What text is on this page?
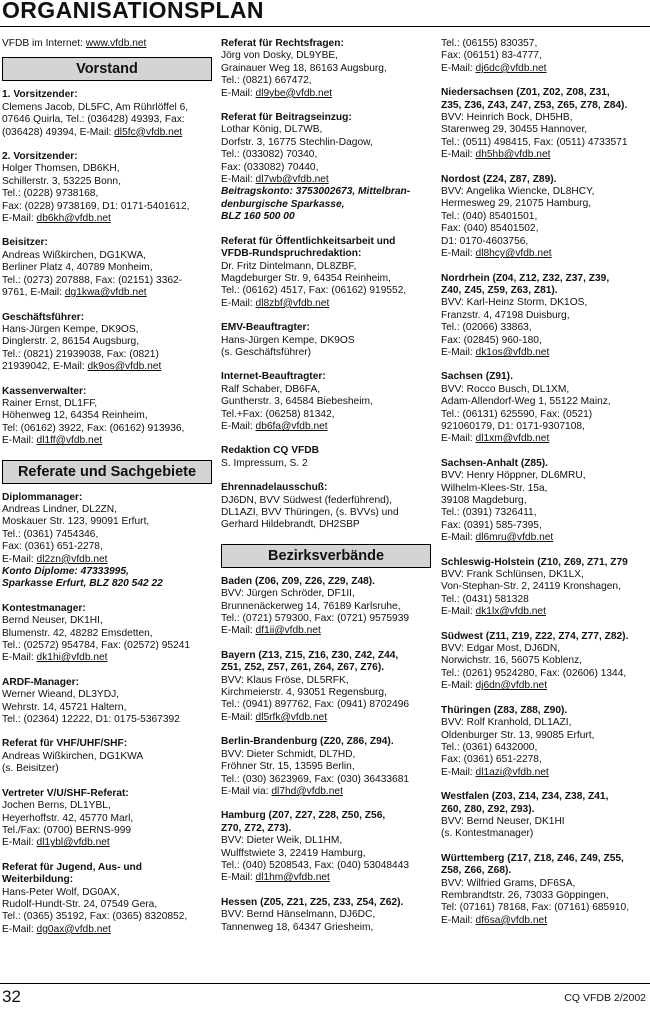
ORGANISATIONSPLAN
VFDB im Internet: www.vfdb.net
Vorstand
1. Vorsitzender:
Clemens Jacob, DL5FC, Am Rührlöffel 6,
07646 Quirla, Tel.: (036428) 49393, Fax:
(036428) 49394, E-Mail: dl5fc@vfdb.net
2. Vorsitzender:
Holger Thomsen, DB6KH,
Schillerstr. 3, 53225 Bonn,
Tel.: (0228) 9738168,
Fax: (0228) 9738169, D1: 0171-5401612,
E-Mail: db6kh@vfdb.net
Beisitzer:
Andreas Wißkirchen, DG1KWA,
Berliner Platz 4, 40789 Monheim,
Tel.: (0273) 207888, Fax: (02151) 3362-
9761, E-Mail: dg1kwa@vfdb.net
Geschäftsführer:
Hans-Jürgen Kempe, DK9OS,
Dinglerstr. 2, 86154 Augsburg,
Tel.: (0821) 21939038, Fax: (0821)
21939042, E-Mail: dk9os@vfdb.net
Kassenverwalter:
Rainer Ernst, DL1FF,
Höhenweg 12, 64354 Reinheim,
Tel: (06162) 3922, Fax: (06162) 913936,
E-Mail: dl1ff@vfdb.net
Referate und Sachgebiete
Diplommanager:
Andreas Lindner, DL2ZN,
Moskauer Str. 123, 99091 Erfurt,
Tel.: (0361) 7454346,
Fax: (0361) 651-2278,
E-Mail: dl2zn@vfdb.net
Konto Diplome: 47333995,
Sparkasse Erfurt, BLZ 820 542 22
Kontestmanager:
Bernd Neuser, DK1HI,
Blumenstr. 42, 48282 Emsdetten,
Tel.: (02572) 954784, Fax: (02572) 95241
E-Mail: dk1hi@vfdb.net
ARDF-Manager:
Werner Wieand, DL3YDJ,
Wehrstr. 14, 45721 Haltern,
Tel.: (02364) 12222, D1: 0175-5367392
Referat für VHF/UHF/SHF:
Andreas Wißkirchen, DG1KWA
(s. Beisitzer)
Vertreter V/U/SHF-Referat:
Jochen Berns, DL1YBL,
Heyerhoffstr. 42, 45770 Marl,
Tel./Fax: (0700) BERNS-999
E-Mail: dl1ybl@vfdb.net
Referat für Jugend, Aus- und
Weiterbildung:
Hans-Peter Wolf, DG0AX,
Rudolf-Hundt-Str. 24, 07549 Gera,
Tel.: (0365) 35192, Fax: (0365) 8320852,
E-Mail: dg0ax@vfdb.net
Referat für Rechtsfragen:
Jörg von Dosky, DL9YBE,
Grainauer Weg 18, 86163 Augsburg,
Tel.: (0821) 667472,
E-Mail: dl9ybe@vfdb.net
Referat für Beitragseinzug:
Lothar König, DL7WB,
Dorfstr. 3, 16775 Stechlin-Dagow,
Tel.: (033082) 70340,
Fax: (033082) 70440,
E-Mail: dl7wb@vfdb.net
Beitragskonto: 3753002673, Mittelbran-
denburgische Sparkasse,
BLZ 160 500 00
Referat für Öffentlichkeitsarbeit und
VFDB-Rundspruchredaktion:
Dr. Fritz Dintelmann, DL8ZBF,
Magdeburger Str. 9, 64354 Reinheim,
Tel.: (06162) 4517, Fax: (06162) 919552,
E-Mail: dl8zbf@vfdb.net
EMV-Beauftragter:
Hans-Jürgen Kempe, DK9OS
(s. Geschäftsführer)
Internet-Beauftragter:
Ralf Schaber, DB6FA,
Guntherstr. 3, 64584 Biebesheim,
Tel.+Fax: (06258) 81342,
E-Mail: db6fa@vfdb.net
Redaktion CQ VFDB
S. Impressum, S. 2
Ehrennadelausschuß:
DJ6DN, BVV Südwest (federführend),
DL1AZI, BVV Thüringen, (s. BVVs) und
Gerhard Hildebrandt, DH2SBP
Bezirksverbände
Baden (Z06, Z09, Z26, Z29, Z48).
BVV: Jürgen Schröder, DF1II,
Brunnenäckerweg 14, 76189 Karlsruhe,
Tel.: (0721) 579300, Fax: (0721) 9575939
E-Mail: df1ii@vfdb.net
Bayern (Z13, Z15, Z16, Z30, Z42, Z44,
Z51, Z52, Z57, Z61, Z64, Z67, Z76).
BVV: Klaus Fröse, DL5RFK,
Kirchmeierstr. 4, 93051 Regensburg,
Tel.: (0941) 897762, Fax: (0941) 8702496
E-Mail: dl5rfk@vfdb.net
Berlin-Brandenburg (Z20, Z86, Z94).
BVV: Dieter Schmidt, DL7HD,
Fröhner Str. 15, 13595 Berlin,
Tel.: (030) 3623969, Fax: (030) 36433681
E-Mail via: dl7hd@vfdb.net
Hamburg (Z07, Z27, Z28, Z50, Z56,
Z70, Z72, Z73).
BVV: Dieter Weik, DL1HM,
Wulffstwiete 3, 22419 Hamburg,
Tel.: (040) 5208543, Fax: (040) 53048443
E-Mail: dl1hm@vfdb.net
Hessen (Z05, Z21, Z25, Z33, Z54, Z62).
BVV: Bernd Hänselmann, DJ6DC,
Tannenweg 18, 64347 Griesheim,
Tel.: (06155) 830357,
Fax: (06151) 83-4777,
E-Mail: dj6dc@vfdb.net
Niedersachsen (Z01, Z02, Z08, Z31,
Z35, Z36, Z43, Z47, Z53, Z65, Z78, Z84).
BVV: Heinrich Bock, DH5HB,
Starenweg 29, 30455 Hannover,
Tel.: (0511) 498415, Fax: (0511) 4733571
E-Mail: dh5hb@vfdb.net
Nordost (Z24, Z87, Z89).
BVV: Angelika Wiencke, DL8HCY,
Hermesweg 29, 21075 Hamburg,
Tel.: (040) 85401501,
Fax: (040) 85401502,
D1: 0170-4603756,
E-Mail: dl8hcy@vfdb.net
Nordrhein (Z04, Z12, Z32, Z37, Z39,
Z40, Z45, Z59, Z63, Z81).
BVV: Karl-Heinz Storm, DK1OS,
Franzstr. 4, 47198 Duisburg,
Tel.: (02066) 33863,
Fax: (02845) 960-180,
E-Mail: dk1os@vfdb.net
Sachsen (Z91).
BVV: Rocco Busch, DL1XM,
Adam-Allendorf-Weg 1, 55122 Mainz,
Tel.: (06131) 625590, Fax: (0521)
921060179, D1: 0171-9307108,
E-Mail: dl1xm@vfdb.net
Sachsen-Anhalt (Z85).
BVV: Henry Höppner, DL6MRU,
Wilhelm-Klees-Str. 15a,
39108 Magdeburg,
Tel.: (0391) 7326411,
Fax: (0391) 585-7395,
E-Mail: dl6mru@vfdb.net
Schleswig-Holstein (Z10, Z69, Z71, Z79
BVV: Frank Schlünsen, DK1LX,
Von-Stephan-Str. 2, 24119 Kronshagen,
Tel.: (0431) 581328
E-Mail: dk1lx@vfdb.net
Südwest (Z11, Z19, Z22, Z74, Z77, Z82).
BVV: Edgar Most, DJ6DN,
Norwichstr. 16, 56075 Koblenz,
Tel.: (0261) 9524280, Fax: (02606) 1344,
E-Mail: dj6dn@vfdb.net
Thüringen (Z83, Z88, Z90).
BVV: Rolf Kranhold, DL1AZI,
Oldenburger Str. 13, 99085 Erfurt,
Tel.: (0361) 6432000,
Fax: (0361) 651-2278,
E-Mail: dl1azi@vfdb.net
Westfalen (Z03, Z14, Z34, Z38, Z41,
Z60, Z80, Z92, Z93).
BVV: Bernd Neuser, DK1HI
(s. Kontestmanager)
Württemberg (Z17, Z18, Z46, Z49, Z55,
Z58, Z66, Z68).
BVV: Wilfried Grams, DF6SA,
Rembrandtstr. 26, 73033 Göppingen,
Tel: (07161) 78168, Fax: (07161) 685910,
E-Mail: df6sa@vfdb.net
32	CQ VFDB 2/2002
